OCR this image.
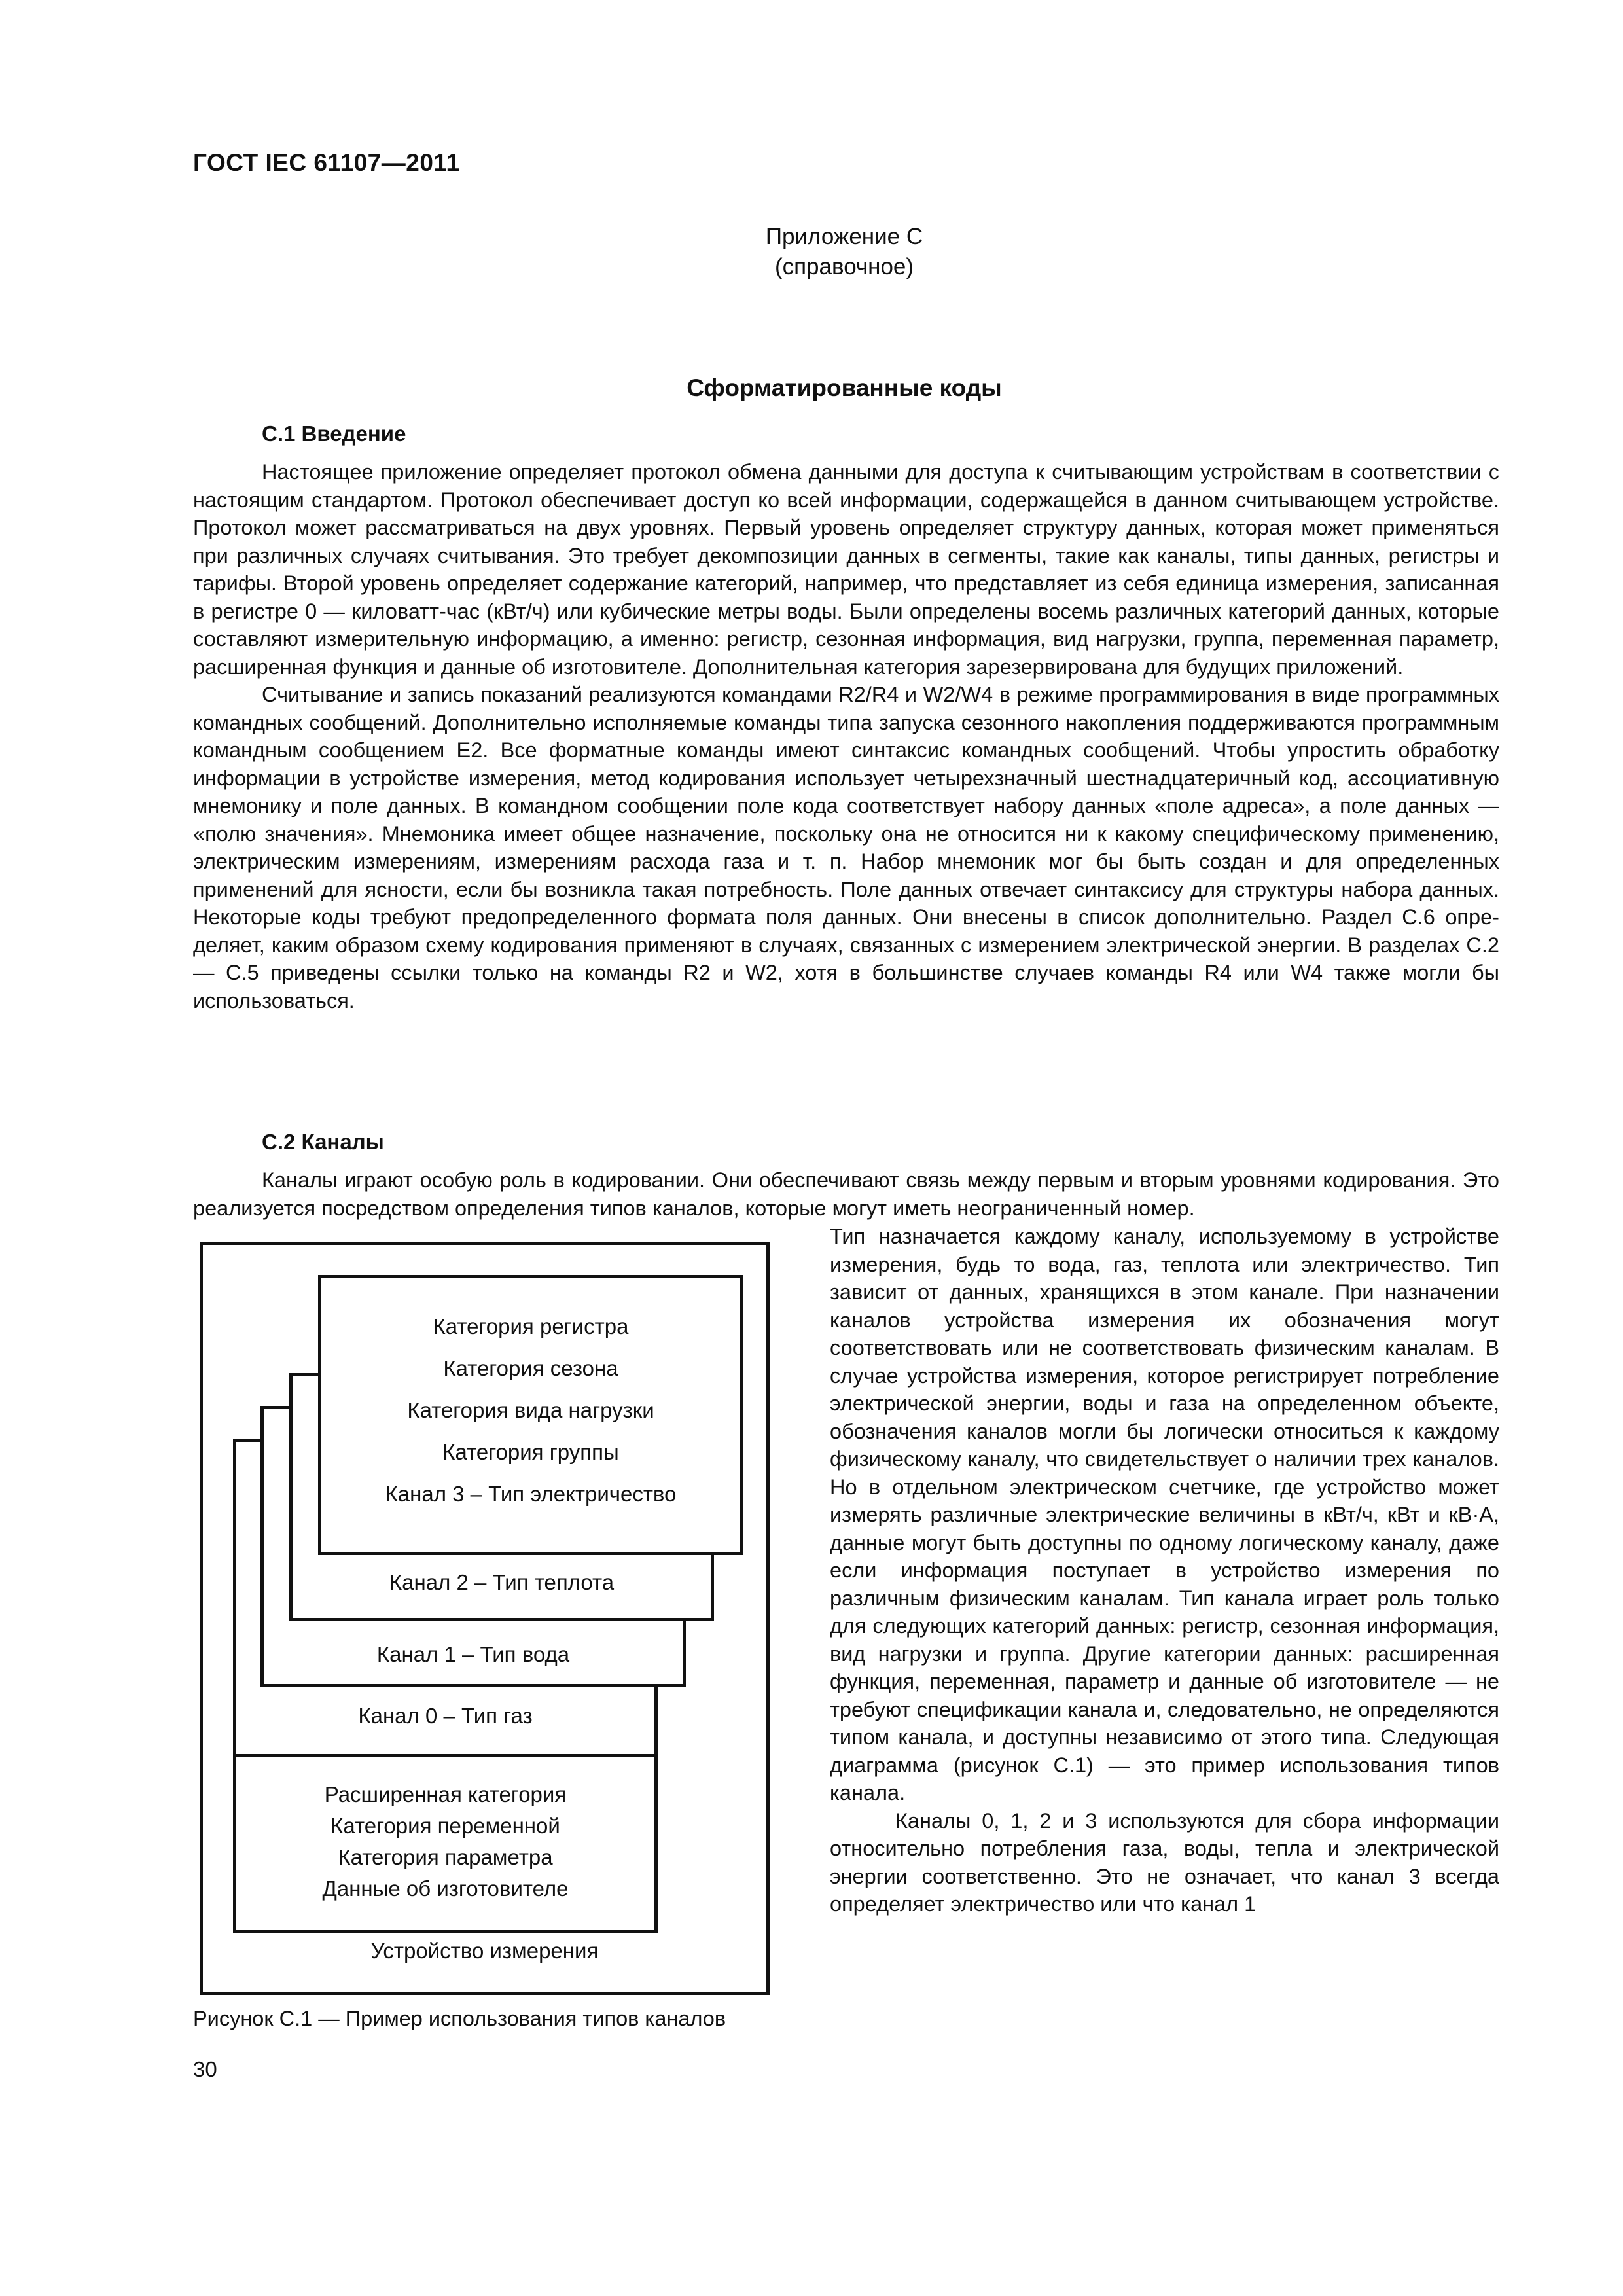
ГОСТ IEC 61107—2011
Приложение С
(справочное)
Сформатированные коды
С.1 Введение

Настоящее приложение определяет протокол обмена данными для доступа к считывающим устройствам в соответствии с настоящим стандартом. Протокол обеспечивает доступ ко всей информации, содержащейся в данном считывающем устройстве. Протокол может рассматриваться на двух уровнях. Первый уровень определяет структуру данных, которая может применяться при различных случаях считывания. Это требует декомпозиции данных в сегменты, такие как каналы, типы данных, регистры и тарифы. Второй уровень определяет содержание категорий, например, что представляет из себя единица измерения, записанная в регистре 0 — киловатт-час (кВт/ч) или кубические метры воды. Были определены восемь различных категорий данных, которые составляют измерительную информацию, а именно: регистр, сезонная информация, вид нагрузки, группа, переменная параметр, расширенная функция и данные об изготовителе. Дополнительная категория зарезервирована для будущих приложений.

Считывание и запись показаний реализуются командами R2/R4 и W2/W4 в режиме программирования в виде программных командных сообщений. Дополнительно исполняемые команды типа запуска сезонного накопления поддерживаются программным командным сообщением E2. Все форматные команды имеют синтаксис командных сообщений. Чтобы упростить обработку информации в устройстве измерения, метод кодирования использует четырехзначный шестнадцатеричный код, ассоциативную мнемонику и поле данных. В командном сообщении поле кода соответствует набору данных «поле адреса», а поле данных — «полю значения». Мнемоника имеет общее назначение, поскольку она не относится ни к какому специфическому применению, электрическим измерениям, измерениям расхода газа и т. п. Набор мнемоник мог бы быть создан и для определенных применений для ясности, если бы возникла такая потребность. Поле данных отвечает синтаксису для структуры набора данных. Некоторые коды требуют предопределенного формата поля данных. Они внесены в список дополнительно. Раздел С.6 определяет, каким образом схему кодирования применяют в случаях, связанных с измерением электрической энергии. В разделах С.2 — С.5 приведены ссылки только на команды R2 и W2, хотя в большинстве случаев команды R4 или W4 также могли бы использоваться.

С.2 Каналы

Каналы играют особую роль в кодировании. Они обеспечивают связь между первым и вторым уровнями кодирования. Это реализуется посредством определения типов каналов, которые могут иметь неограниченный номер.

Тип назначается каждому каналу, используемому в устройстве измерения, будь то вода, газ, теплота или электричество. Тип зависит от данных, хранящихся в этом канале. При назначении каналов устройства измерения их обозначения могут соответствовать или не соответствовать физическим каналам. В случае устройства измерения, которое регистрирует потребление электрической энергии, воды и газа на определенном объекте, обозначения каналов могли бы логически относиться к каждому физическому каналу, что свидетельствует о наличии трех каналов. Но в отдельном электрическом счетчике, где устройство может измерять различные электрические величины в кВт/ч, кВт и кВ·А, данные могут быть доступны по одному логическому каналу, даже если информация поступает в устройство измерения по различным физическим каналам. Тип канала играет роль только для следующих категорий данных: регистр, сезонная информация, вид нагрузки и группа. Другие категории данных: расширенная функция, переменная, параметр и данные об изготовителе — не требуют спецификации канала и, следовательно, не определяются типом канала, и доступны независимо от этого типа. Следующая диаграмма (рисунок С.1) — это пример использования типов канала.

Каналы 0, 1, 2 и 3 используются для сбора информации относительно потребления газа, воды, тепла и электрической энергии соответственно. Это не означает, что канал 3 всегда определяет электричество или что канал 1

Устройство измерения
Канал 0 – Тип газ
Расширенная категория
Категория переменной
Категория параметра
Данные об изготовителе
Канал 1 – Тип вода
Канал 2 – Тип теплота
Категория регистра
Категория сезона
Категория вида нагрузки
Категория группы
Канал 3 – Тип электричество
Рисунок С.1 — Пример использования типов каналов
30
